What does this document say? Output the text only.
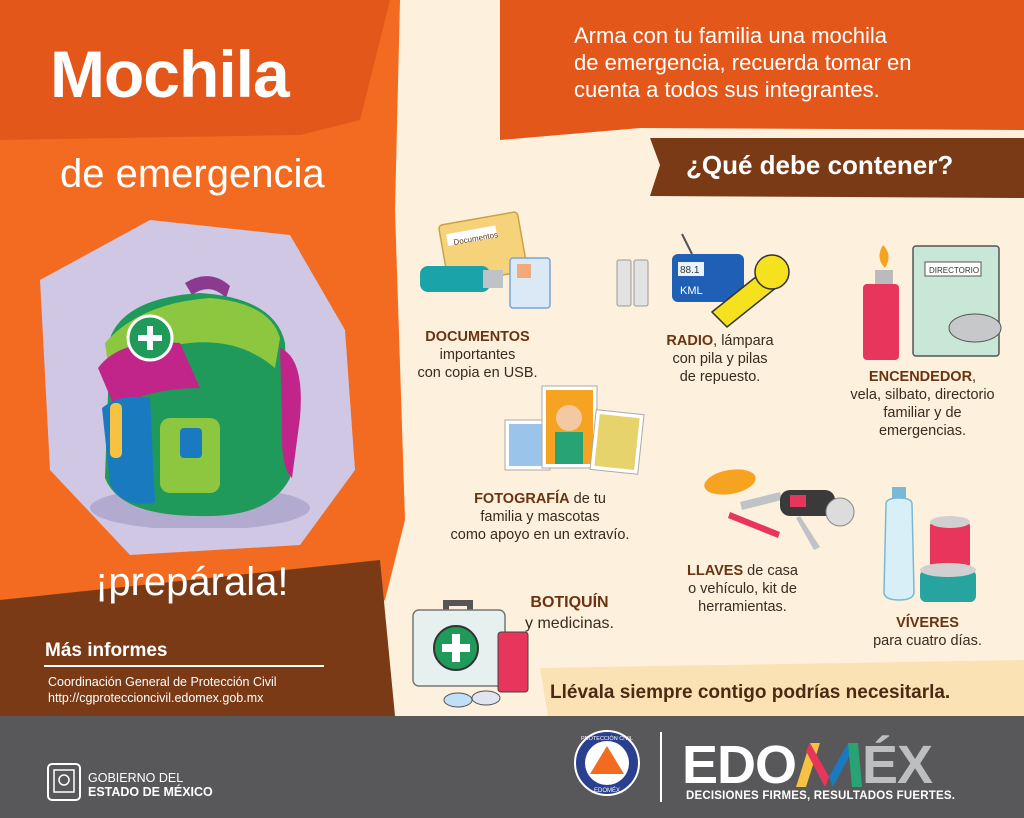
Mochila
de emergencia
¡prepárala!
Arma con tu familia una mochila
de emergencia, recuerda tomar en
cuenta a todos sus integrantes.
¿Qué debe contener?
Documentos
DOCUMENTOS
importantes
con copia en USB.
88.1
KML
RADIO, lámpara
con pila y pilas
de repuesto.
DIRECTORIO
ENCENDEDOR,
vela, silbato, directorio
familiar y de
emergencias.
FOTOGRAFÍA de tu
familia y mascotas
como apoyo en un extravío.
LLAVES de casa
o vehículo, kit de
herramientas.
VÍVERES
para cuatro días.
BOTIQUÍN
y medicinas.
Llévala siempre contigo podrías necesitarla.
Más informes
Coordinación General de Protección Civil
http://cgproteccioncivil.edomex.gob.mx
GOBIERNO DEL
ESTADO DE MÉXICO
PROTECCIÓN CIVIL
EDOMÉX EDO ÉX
DECISIONES FIRMES, RESULTADOS FUERTES.
